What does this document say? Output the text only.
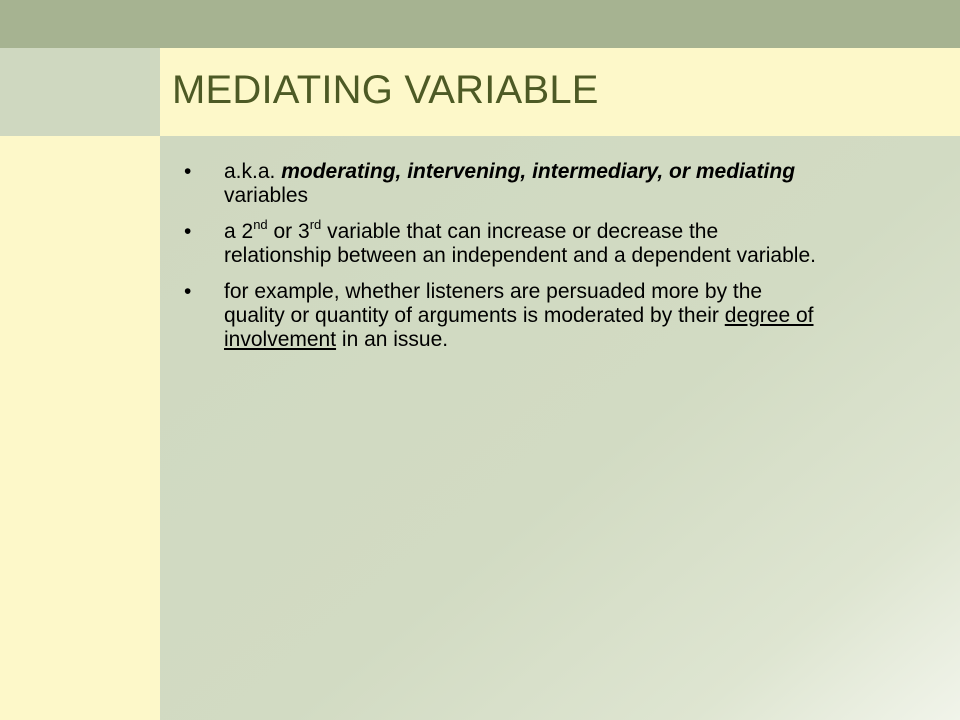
MEDIATING VARIABLE
• a.k.a. moderating, intervening, intermediary, or mediating variables
• a 2nd or 3rd variable that can increase or decrease the relationship between an independent and a dependent variable.
• for example, whether listeners are persuaded more by the quality or quantity of arguments is moderated by their degree of involvement in an issue.
